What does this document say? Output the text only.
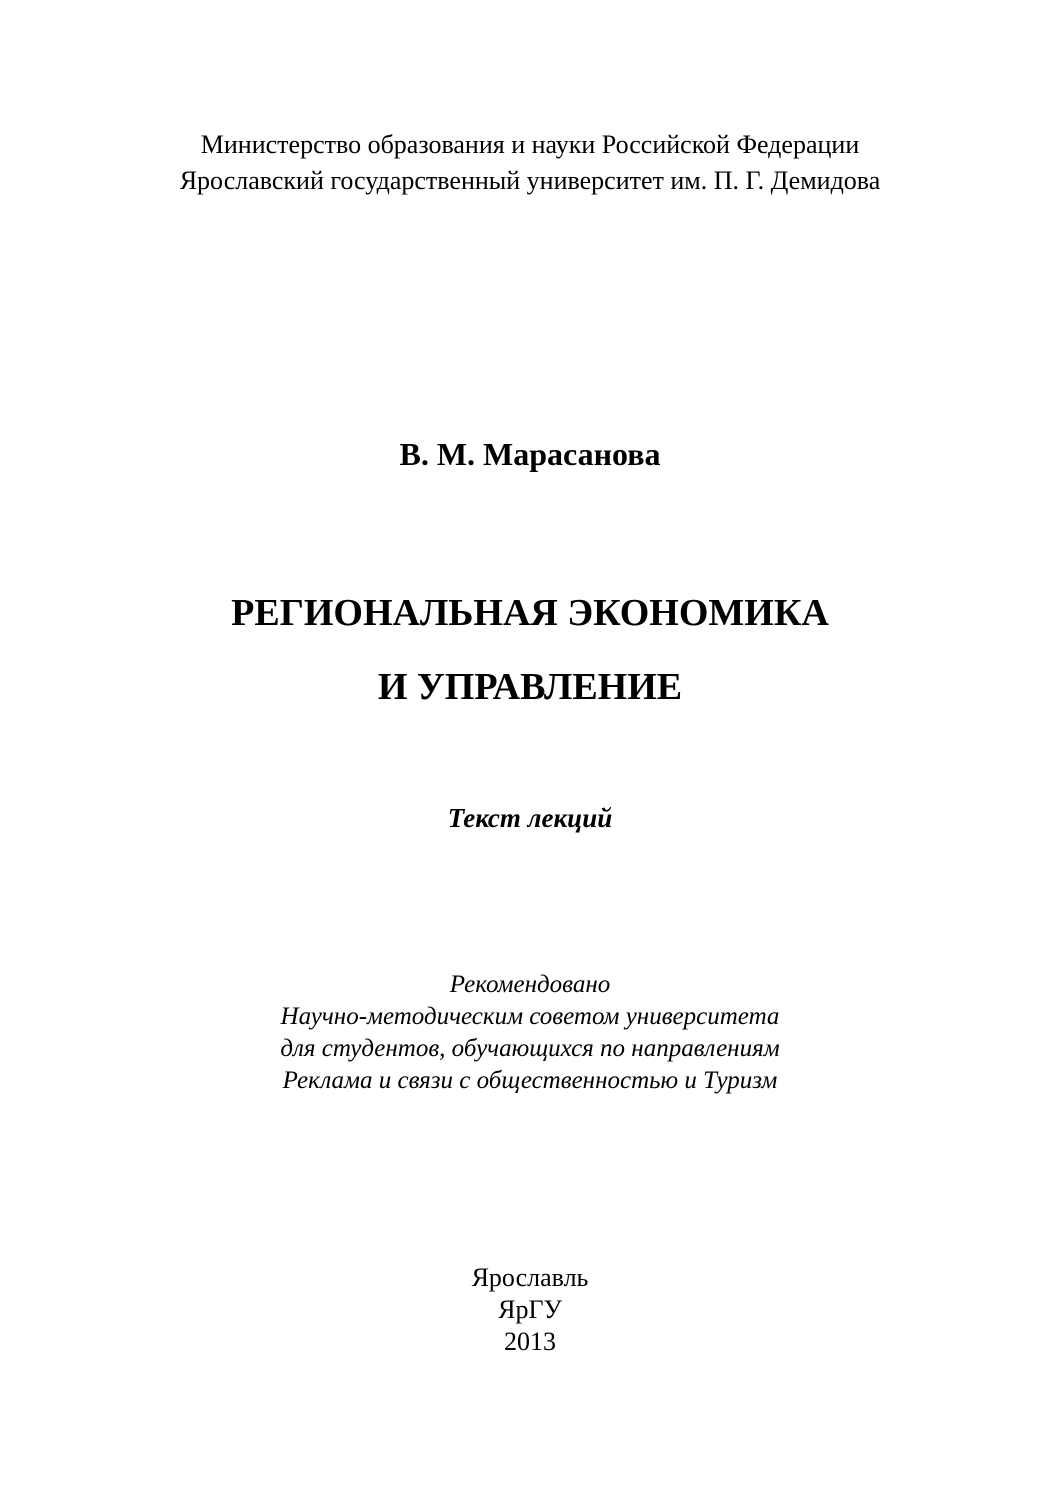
Министерство образования и науки Российской Федерации
Ярославский государственный университет им. П. Г. Демидова
В. М. Марасанова
РЕГИОНАЛЬНАЯ ЭКОНОМИКА
И УПРАВЛЕНИЕ
Текст лекций
Рекомендовано
Научно-методическим советом университета
для студентов, обучающихся по направлениям
Реклама и связи с общественностью и Туризм
Ярославль
ЯрГУ
2013
